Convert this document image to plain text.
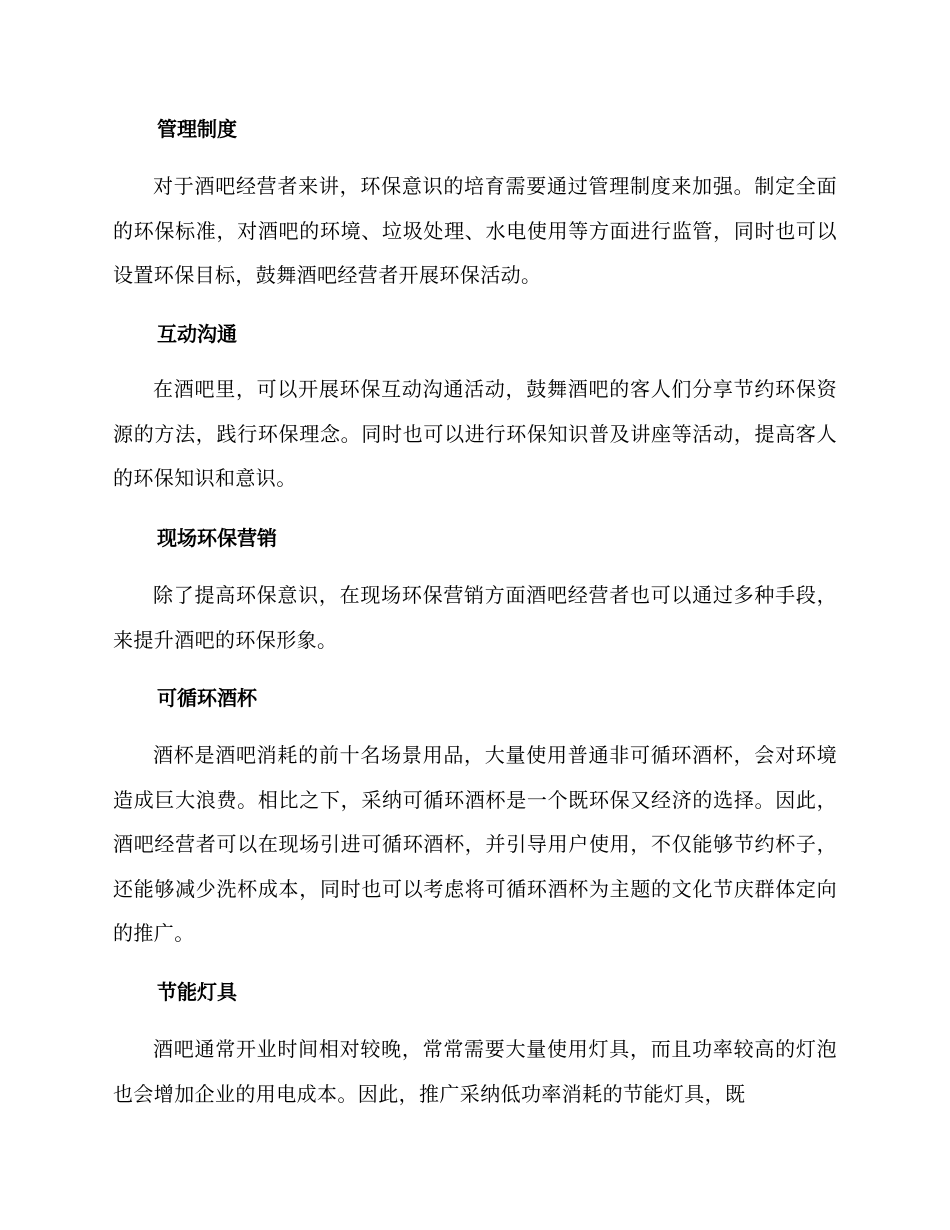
管理制度

对于酒吧经营者来讲，环保意识的培育需要通过管理制度来加强。制定全面的环保标准，对酒吧的环境、垃圾处理、水电使用等方面进行监管，同时也可以设置环保目标，鼓舞酒吧经营者开展环保活动。

互动沟通

在酒吧里，可以开展环保互动沟通活动，鼓舞酒吧的客人们分享节约环保资源的方法，践行环保理念。同时也可以进行环保知识普及讲座等活动，提高客人的环保知识和意识。

现场环保营销

除了提高环保意识，在现场环保营销方面酒吧经营者也可以通过多种手段，来提升酒吧的环保形象。

可循环酒杯

酒杯是酒吧消耗的前十名场景用品，大量使用普通非可循环酒杯，会对环境造成巨大浪费。相比之下，采纳可循环酒杯是一个既环保又经济的选择。因此，酒吧经营者可以在现场引进可循环酒杯，并引导用户使用，不仅能够节约杯子，还能够减少洗杯成本，同时也可以考虑将可循环酒杯为主题的文化节庆群体定向的推广。

节能灯具

酒吧通常开业时间相对较晚，常常需要大量使用灯具，而且功率较高的灯泡也会增加企业的用电成本。因此，推广采纳低功率消耗的节能灯具，既
